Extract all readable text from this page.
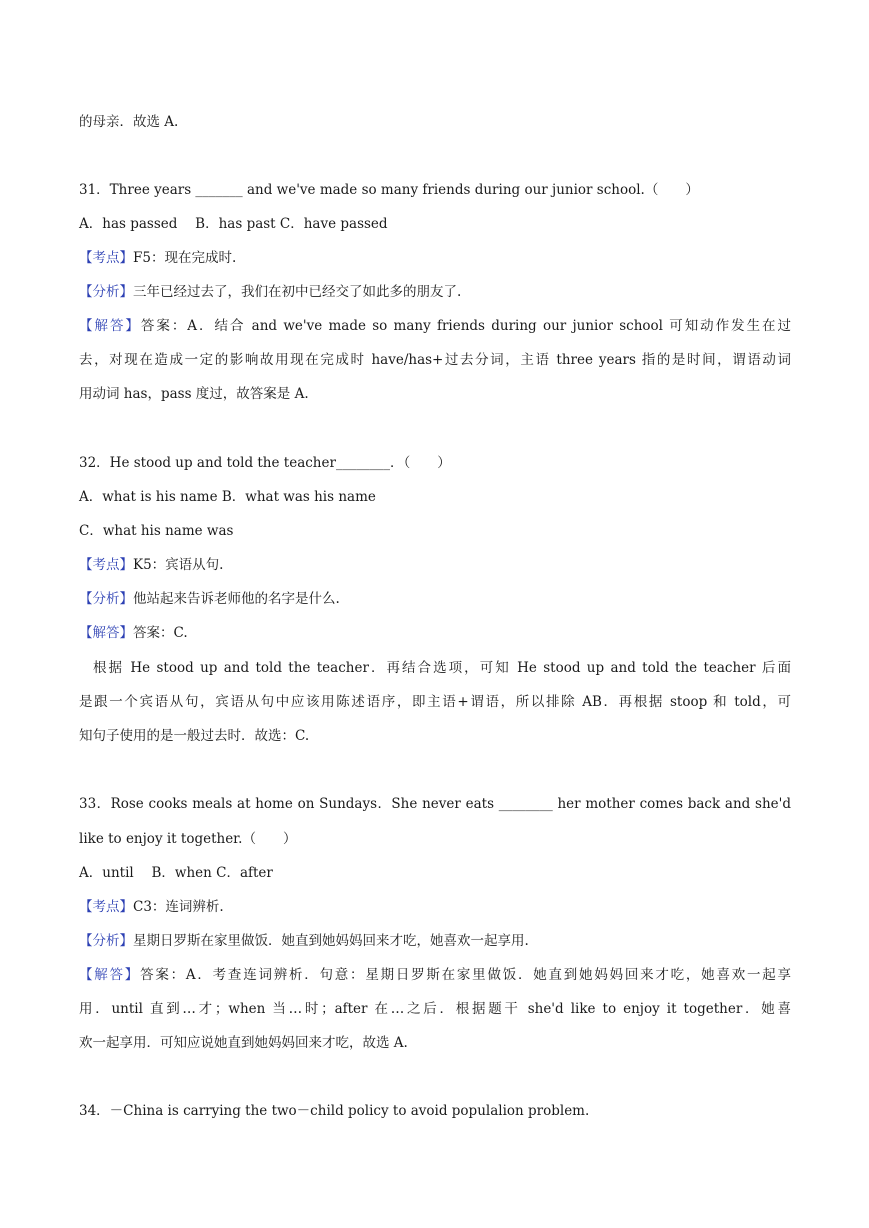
的母亲．故选 A.
31．Three years _______ and we've made so many friends during our junior school.（　　）
A．has passed　 B．has past C．have passed
【考点】F5：现在完成时.
【分析】三年已经过去了，我们在初中已经交了如此多的朋友了.
【解答】答案：A．结合 and we've made so many friends during our junior school 可知动作发生在过
去，对现在造成一定的影响故用现在完成时 have/has+过去分词，主语 three years 指的是时间，谓语动词
用动词 has，pass 度过，故答案是 A.
32．He stood up and told the teacher________．（　　）
A．what is his name B．what was his name
C．what his name was
【考点】K5：宾语从句.
【分析】他站起来告诉老师他的名字是什么.
【解答】答案：C.
根据 He stood up and told the teacher．再结合选项，可知 He stood up and told the teacher 后面
是跟一个宾语从句，宾语从句中应该用陈述语序，即主语+谓语，所以排除 AB．再根据 stoop 和 told，可
知句子使用的是一般过去时．故选：C.
33．Rose cooks meals at home on Sundays．She never eats ________ her mother comes back and she'd
like to enjoy it together.（　　）
A．until　 B．when C．after
【考点】C3：连词辨析.
【分析】星期日罗斯在家里做饭．她直到她妈妈回来才吃，她喜欢一起享用.
【解答】答案：A．考查连词辨析．句意：星期日罗斯在家里做饭．她直到她妈妈回来才吃，她喜欢一起享
用．until 直到…才；when 当…时；after 在…之后．根据题干 she'd like to enjoy it together．她喜
欢一起享用．可知应说她直到她妈妈回来才吃，故选 A.
34．－China is carrying the two－child policy to avoid populalion problem.
